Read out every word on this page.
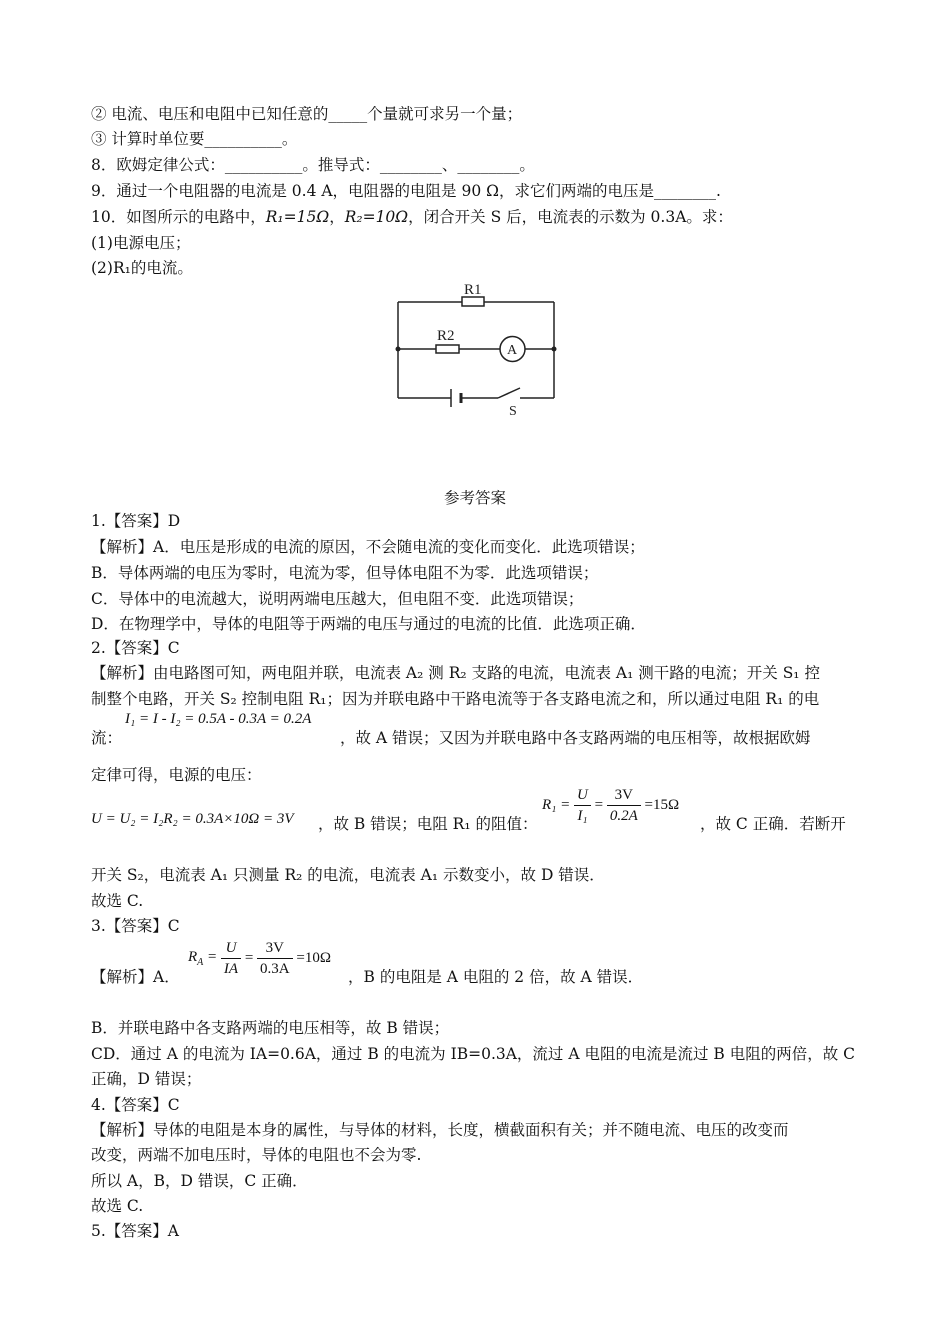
② 电流、电压和电阻中已知任意的_____个量就可求另一个量；
③ 计算时单位要__________。
8．欧姆定律公式：__________。推导式：________、________。
9．通过一个电阻器的电流是 0.4 A，电阻器的电阻是 90 Ω，求它们两端的电压是________.
10．如图所示的电路中，R₁=15Ω，R₂=10Ω，闭合开关 S 后，电流表的示数为 0.3A。求：
(1)电源电压；
(2)R₁的电流。
R1
R2
A
S
参考答案
1.【答案】D
【解析】A．电压是形成的电流的原因，不会随电流的变化而变化．此选项错误；
B．导体两端的电压为零时，电流为零，但导体电阻不为零．此选项错误；
C．导体中的电流越大，说明两端电压越大，但电阻不变．此选项错误；
D．在物理学中，导体的电阻等于两端的电压与通过的电流的比值．此选项正确．
2.【答案】C
【解析】由电路图可知，两电阻并联，电流表 A₂ 测 R₂ 支路的电流，电流表 A₁ 测干路的电流；开关 S₁ 控
制整个电路，开关 S₂ 控制电阻 R₁；因为并联电路中干路电流等于各支路电流之和，所以通过电阻 R₁ 的电
流：
I₁ = I - I₂ = 0.5A - 0.3A = 0.2A
，故 A 错误；又因为并联电路中各支路两端的电压相等，故根据欧姆
定律可得，电源的电压：
U = U₂ = I₂R₂ = 0.3A×10Ω = 3V ，故 B 错误；电阻 R₁ 的阻值：
$R_1 = \frac{U}{\text{I₁}} = \frac{3V}{0.2A} =15\Omega$
，故 C 正确．若断开
开关 S₂，电流表 A₁ 只测量 R₂ 的电流，电流表 A₁ 示数变小，故 D 错误．
故选 C.
3.【答案】C
【解析】A．
$R_A = \frac{U}{IA} = \frac{3V}{0.3A} =10\Omega$
，B 的电阻是 A 电阻的 2 倍，故 A 错误．
B．并联电路中各支路两端的电压相等，故 B 错误；
CD．通过 A 的电流为 IA=0.6A，通过 B 的电流为 IB=0.3A，流过 A 电阻的电流是流过 B 电阻的两倍，故 C
正确，D 错误；
4.【答案】C
【解析】导体的电阻是本身的属性，与导体的材料，长度，横截面积有关；并不随电流、电压的改变而
改变，两端不加电压时，导体的电阻也不会为零.
所以 A，B，D 错误，C 正确．
故选 C.
5.【答案】A
